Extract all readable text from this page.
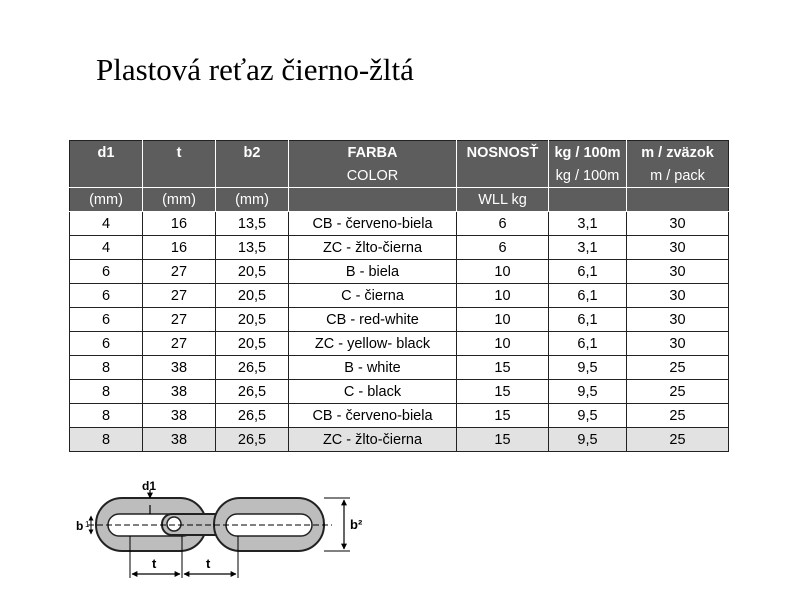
Plastová reťaz čierno-žltá
d1	t	b2	FARBA	NOSNOSŤ	kg / 100m	m / zväzok
			COLOR		kg / 100m	m / pack
(mm)	(mm)	(mm)		WLL kg		
4	16	13,5	CB - červeno-biela	6	3,1	30
4	16	13,5	ZC - žlto-čierna	6	3,1	30
6	27	20,5	B - biela	10	6,1	30
6	27	20,5	C - čierna	10	6,1	30
6	27	20,5	CB - red-white	10	6,1	30
6	27	20,5	ZC - yellow- black	10	6,1	30
8	38	26,5	B - white	15	9,5	25
8	38	26,5	C - black	15	9,5	25
8	38	26,5	CB - červeno-biela	15	9,5	25
8	38	26,5	ZC - žlto-čierna	15	9,5	25
d1
b 1	b²
t	t
